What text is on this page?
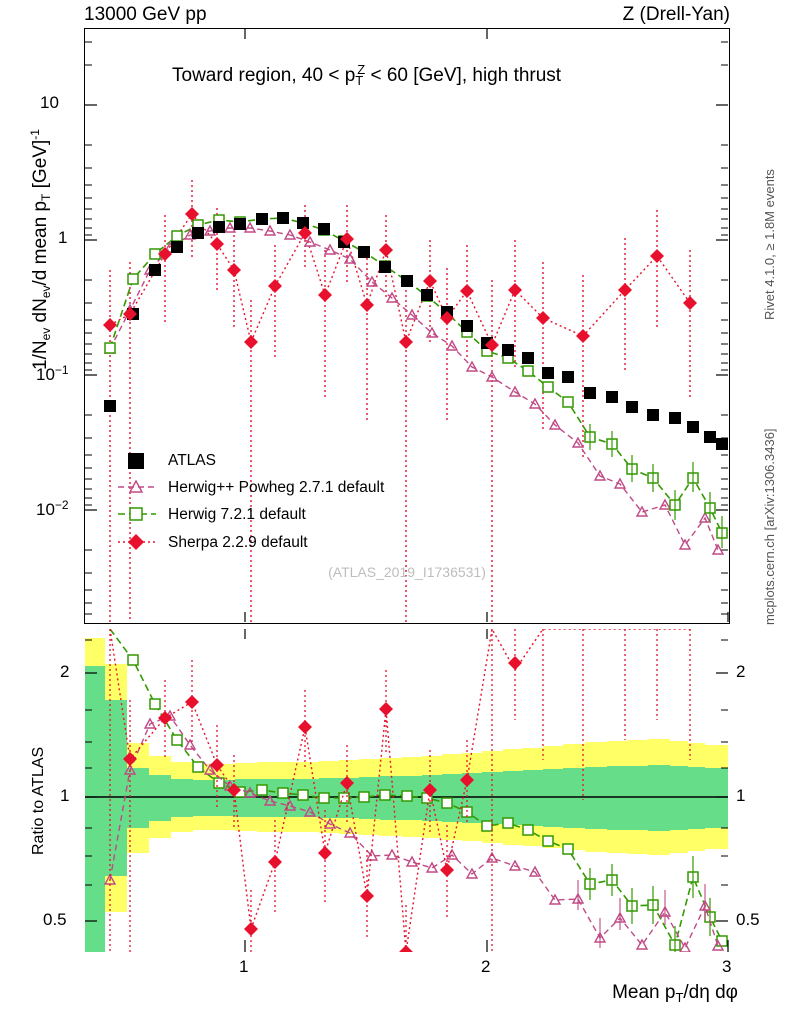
13000 GeV pp	Z (Drell-Yan)
(ATLAS_2019_I1736531)
Toward region, $40 < p_T^Z < 60$ [GeV], high thrust
10
1
$10^{-1}$
$10^{-2}$
2
1
0.5
2
1
0.5
1	2	3
Mean $p_T/d\eta$ dφ
$1/N_{ev}$ $dN_{ev}/d$ mean $p_T$ [GeV]$^{-1}$
Ratio to ATLAS
Rivet 4.1.0, ≥ 1.8M events
mcplots.cern.ch [arXiv:1306.3436]
ATLAS
Herwig++ Powheg 2.7.1 default
Herwig 7.2.1 default
Sherpa 2.2.9 default
